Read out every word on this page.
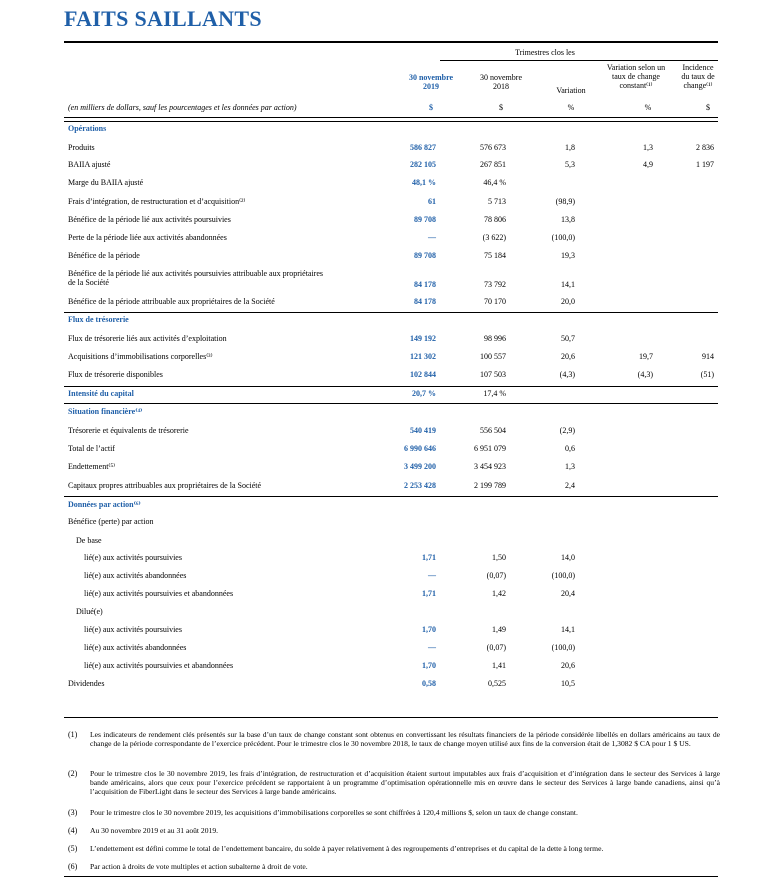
FAITS SAILLANTS
Trimestres clos les
30 novembre
2019
30 novembre
2018	Variation
Variation selon un
taux de change
constant⁽¹⁾
Incidence
du taux de
change⁽¹⁾
(en milliers de dollars, sauf les pourcentages et les données par action)	$	$	%	%	$
Opérations
Produits	586 827	576 673	1,8	1,3	2 836
BAIIA ajusté	282 105	267 851	5,3	4,9	1 197
Marge du BAIIA ajusté	48,1 %	46,4 %
Frais d’intégration, de restructuration et d’acquisition⁽²⁾	61	5 713	(98,9)
Bénéfice de la période lié aux activités poursuivies	89 708	78 806	13,8
Perte de la période liée aux activités abandonnées	—	(3 622)	(100,0)
Bénéfice de la période	89 708	75 184	19,3
Bénéfice de la période lié aux activités poursuivies attribuable aux propriétaires
de la Société	84 178	73 792	14,1
Bénéfice de la période attribuable aux propriétaires de la Société	84 178	70 170	20,0
Flux de trésorerie
Flux de trésorerie liés aux activités d’exploitation	149 192	98 996	50,7
Acquisitions d’immobilisations corporelles⁽³⁾	121 302	100 557	20,6	19,7	914
Flux de trésorerie disponibles	102 844	107 503	(4,3)	(4,3)	(51)
Intensité du capital	20,7 %	17,4 %
Situation financière⁽⁴⁾
Trésorerie et équivalents de trésorerie	540 419	556 504	(2,9)
Total de l’actif	6 990 646	6 951 079	0,6
Endettement⁽⁵⁾	3 499 200	3 454 923	1,3
Capitaux propres attribuables aux propriétaires de la Société	2 253 428	2 199 789	2,4
Données par action⁽⁶⁾
Bénéfice (perte) par action
De base
lié(e) aux activités poursuivies	1,71	1,50	14,0
lié(e) aux activités abandonnées	—	(0,07)	(100,0)
lié(e) aux activités poursuivies et abandonnées	1,71	1,42	20,4
Dilué(e)
lié(e) aux activités poursuivies	1,70	1,49	14,1
lié(e) aux activités abandonnées	—	(0,07)	(100,0)
lié(e) aux activités poursuivies et abandonnées	1,70	1,41	20,6
Dividendes	0,58	0,525	10,5
(1) Les indicateurs de rendement clés présentés sur la base d’un taux de change constant sont obtenus en convertissant les résultats financiers de la période considérée libellés en dollars américains au taux de change de la période correspondante de l’exercice précédent. Pour le trimestre clos le 30 novembre 2018, le taux de change moyen utilisé aux fins de la conversion était de 1,3082 $ CA pour 1 $ US.
(2) Pour le trimestre clos le 30 novembre 2019, les frais d’intégration, de restructuration et d’acquisition étaient surtout imputables aux frais d’acquisition et d’intégration dans le secteur des Services à large bande américains, alors que ceux pour l’exercice précédent se rapportaient à un programme d’optimisation opérationnelle mis en œuvre dans le secteur des Services à large bande canadiens, ainsi qu’à l’acquisition de FiberLight dans le secteur des Services à large bande américains.
(3) Pour le trimestre clos le 30 novembre 2019, les acquisitions d’immobilisations corporelles se sont chiffrées à 120,4 millions $, selon un taux de change constant.
(4) Au 30 novembre 2019 et au 31 août 2019.
(5) L’endettement est défini comme le total de l’endettement bancaire, du solde à payer relativement à des regroupements d’entreprises et du capital de la dette à long terme.
(6) Par action à droits de vote multiples et action subalterne à droit de vote.
